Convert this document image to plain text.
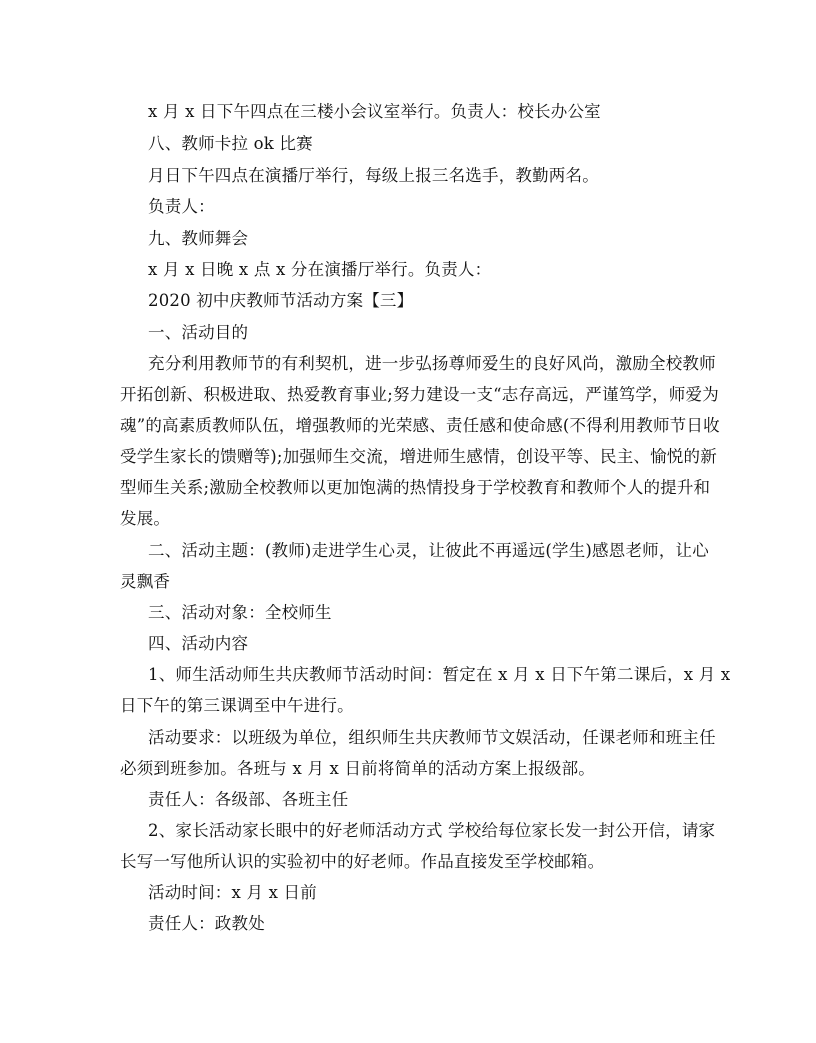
x 月 x 日下午四点在三楼小会议室举行。负责人：校长办公室
八、教师卡拉 ok 比赛
月日下午四点在演播厅举行，每级上报三名选手，教勤两名。
负责人：
九、教师舞会
x 月 x 日晚 x 点 x 分在演播厅举行。负责人：
2020 初中庆教师节活动方案【三】
一、活动目的
充分利用教师节的有利契机，进一步弘扬尊师爱生的良好风尚，激励全校教师
开拓创新、积极进取、热爱教育事业;努力建设一支“志存高远，严谨笃学，师爱为
魂”的高素质教师队伍，增强教师的光荣感、责任感和使命感(不得利用教师节日收
受学生家长的馈赠等);加强师生交流，增进师生感情，创设平等、民主、愉悦的新
型师生关系;激励全校教师以更加饱满的热情投身于学校教育和教师个人的提升和
发展。
二、活动主题：(教师)走进学生心灵，让彼此不再遥远(学生)感恩老师，让心
灵飘香
三、活动对象：全校师生
四、活动内容
1、师生活动师生共庆教师节活动时间：暂定在 x 月 x 日下午第二课后，x 月 x
日下午的第三课调至中午进行。
活动要求：以班级为单位，组织师生共庆教师节文娱活动，任课老师和班主任
必须到班参加。各班与 x 月 x 日前将简单的活动方案上报级部。
责任人：各级部、各班主任
2、家长活动家长眼中的好老师活动方式 学校给每位家长发一封公开信，请家
长写一写他所认识的实验初中的好老师。作品直接发至学校邮箱。
活动时间：x 月 x 日前
责任人：政教处
